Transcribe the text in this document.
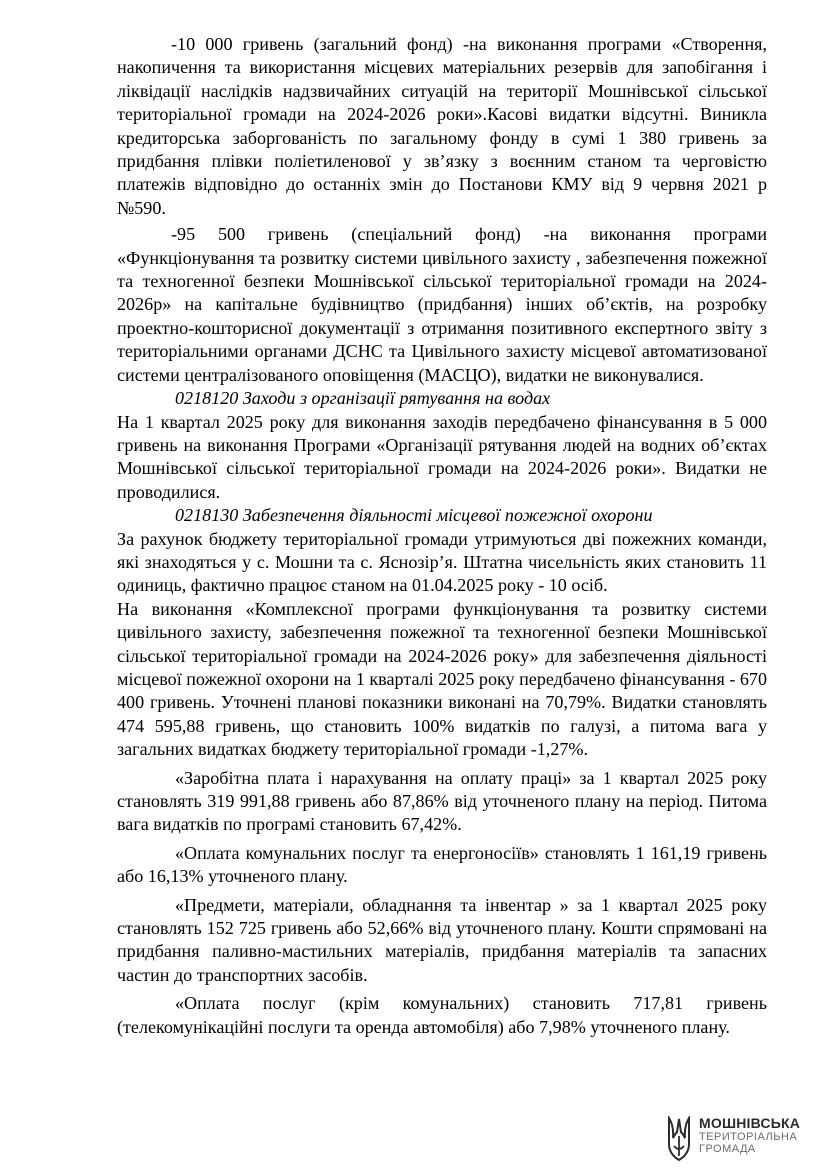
-10 000 гривень (загальний фонд) -на виконання програми «Створення, накопичення та використання місцевих матеріальних резервів для запобігання і ліквідації наслідків надзвичайних ситуацій на території Мошнівської сільської територіальної громади на 2024-2026 роки».Касові видатки відсутні. Виникла кредиторська заборгованість по загальному фонду в сумі 1 380 гривень за придбання плівки поліетиленової у зв’язку з воєнним станом та черговістю платежів відповідно до останніх змін до Постанови КМУ від 9 червня 2021 р №590.

-95 500 гривень (спеціальний фонд) -на виконання програми «Функціонування та розвитку системи цивільного захисту , забезпечення пожежної та техногенної безпеки Мошнівської сільської територіальної громади на 2024-2026р» на капітальне будівництво (придбання) інших об’єктів, на розробку проектно-кошторисної документації з отримання позитивного експертного звіту з територіальними органами ДСНС та Цивільного захисту місцевої автоматизованої системи централізованого оповіщення (МАСЦО), видатки не виконувалися.

0218120 Заходи з організації рятування на водах

На 1 квартал 2025 року для виконання заходів передбачено фінансування в 5 000 гривень на виконання Програми «Організації рятування людей на водних об’єктах Мошнівської сільської територіальної громади на 2024-2026 роки». Видатки не проводилися.

0218130 Забезпечення діяльності місцевої пожежної охорони

За рахунок бюджету територіальної громади утримуються дві пожежних команди, які знаходяться у с. Мошни та с. Яснозір’я. Штатна чисельність яких становить 11 одиниць, фактично працює станом на 01.04.2025 року - 10 осіб.

На виконання «Комплексної програми функціонування та розвитку системи цивільного захисту, забезпечення пожежної та техногенної безпеки Мошнівської сільської територіальної громади на 2024-2026 року» для забезпечення діяльності місцевої пожежної охорони на 1 кварталі 2025 року передбачено фінансування - 670 400 гривень. Уточнені планові показники виконані на 70,79%. Видатки становлять 474 595,88 гривень, що становить 100% видатків по галузі, а питома вага у загальних видатках бюджету територіальної громади -1,27%.

«Заробітна плата і нарахування на оплату праці» за 1 квартал 2025 року становлять 319 991,88 гривень або 87,86% від уточненого плану на період. Питома вага видатків по програмі становить 67,42%.

«Оплата комунальних послуг та енергоносіїв» становлять 1 161,19 гривень або 16,13% уточненого плану.

«Предмети, матеріали, обладнання та інвентар » за 1 квартал 2025 року становлять 152 725 гривень або 52,66% від уточненого плану. Кошти спрямовані на придбання паливно-мастильних матеріалів, придбання матеріалів та запасних частин до транспортних засобів.

«Оплата послуг (крім комунальних) становить 717,81 гривень (телекомунікаційні послуги та оренда автомобіля) або 7,98% уточненого плану.

МОШНІВСЬКА
ТЕРИТОРІАЛЬНА
ГРОМАДА
